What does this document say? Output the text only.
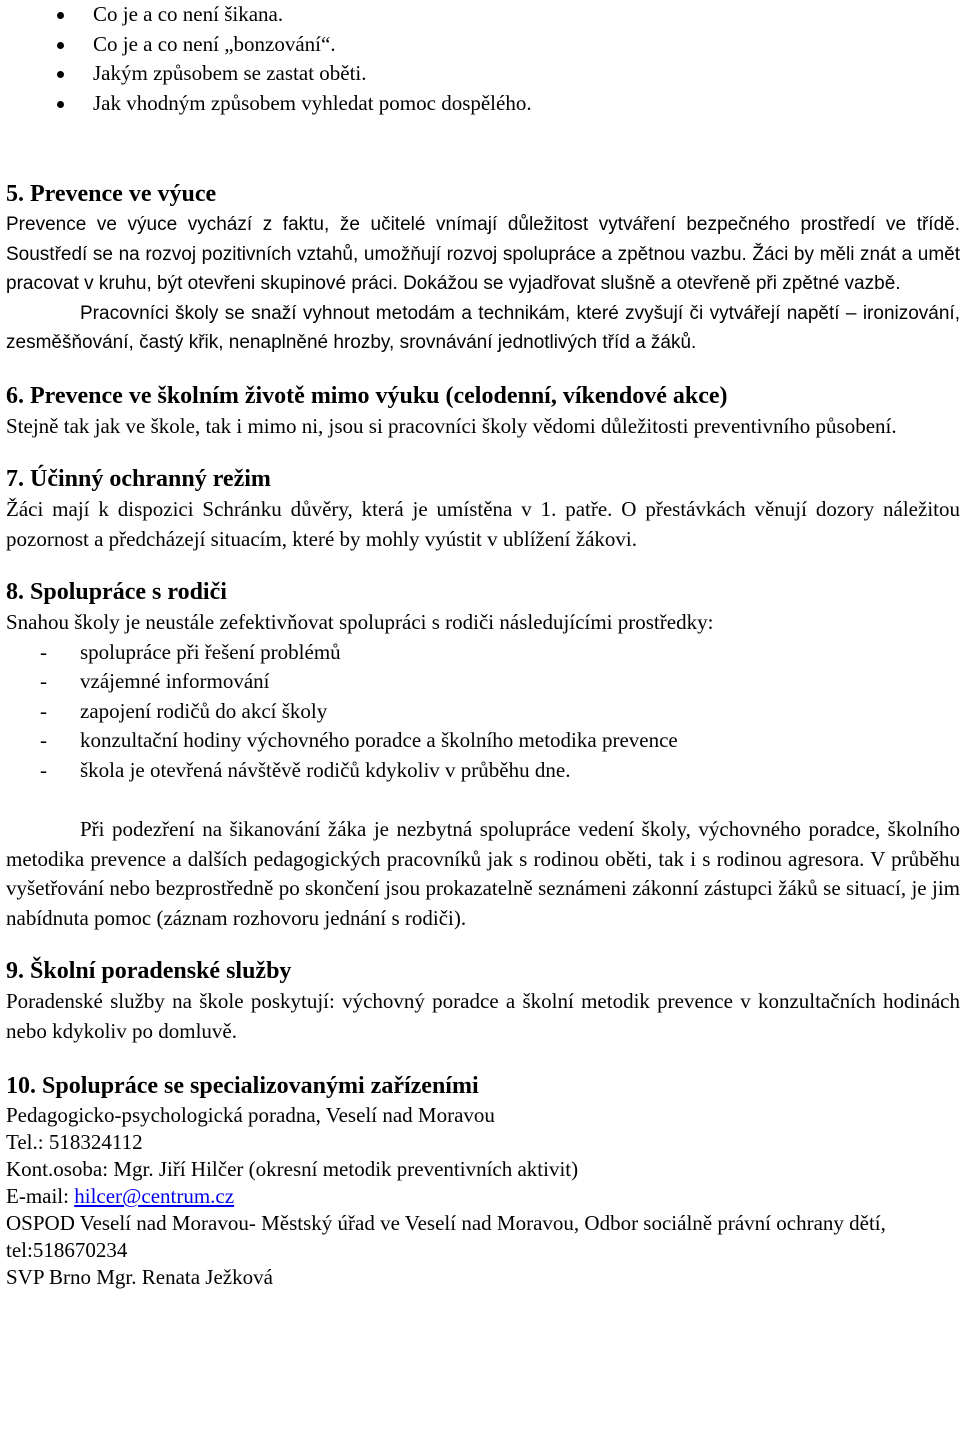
Co je a co není šikana.
Co je a co není „bonzování“.
Jakým způsobem se zastat oběti.
Jak vhodným způsobem vyhledat pomoc dospělého.
5. Prevence ve výuce

Prevence ve výuce vychází z faktu, že učitelé vnímají důležitost vytváření bezpečného prostředí ve třídě. Soustředí se na rozvoj pozitivních vztahů, umožňují rozvoj spolupráce a zpětnou vazbu. Žáci by měli znát a umět pracovat v kruhu, být otevřeni skupinové práci. Dokážou se vyjadřovat slušně a otevřeně při zpětné vazbě.

Pracovníci školy se snaží vyhnout metodám a technikám, které zvyšují či vytvářejí napětí – ironizování, zesměšňování, častý křik, nenaplněné hrozby, srovnávání jednotlivých tříd a žáků.

6. Prevence ve školním životě mimo výuku (celodenní, víkendové akce)

Stejně tak jak ve škole, tak i mimo ni, jsou si pracovníci školy vědomi důležitosti preventivního působení.

7. Účinný ochranný režim

Žáci mají k dispozici Schránku důvěry, která je umístěna v 1. patře. O přestávkách věnují dozory náležitou pozornost a předcházejí situacím, které by mohly vyústit v ublížení žákovi.

8. Spolupráce s rodiči

Snahou školy je neustále zefektivňovat spolupráci s rodiči následujícími prostředky:

- spolupráce při řešení problémů
- vzájemné informování
- zapojení rodičů do akcí školy
- konzultační hodiny výchovného poradce a školního metodika prevence
- škola je otevřená návštěvě rodičů kdykoliv v průběhu dne.

Při podezření na šikanování žáka je nezbytná spolupráce vedení školy, výchovného poradce, školního metodika prevence a dalších pedagogických pracovníků jak s rodinou oběti, tak i s rodinou agresora. V průběhu vyšetřování nebo bezprostředně po skončení jsou prokazatelně seznámeni zákonní zástupci žáků se situací, je jim nabídnuta pomoc (záznam rozhovoru jednání s rodiči).

9. Školní poradenské služby

Poradenské služby na škole poskytují: výchovný poradce a školní metodik prevence v konzultačních hodinách nebo kdykoliv po domluvě.

10. Spolupráce se specializovanými zařízeními

Pedagogicko-psychologická poradna, Veselí nad Moravou

Tel.: 518324112

Kont.osoba: Mgr. Jiří Hilčer (okresní metodik preventivních aktivit)

E-mail: hilcer@centrum.cz

OSPOD Veselí nad Moravou- Městský úřad ve Veselí nad Moravou, Odbor sociálně právní ochrany dětí, tel:518670234

SVP Brno Mgr. Renata Ježková
